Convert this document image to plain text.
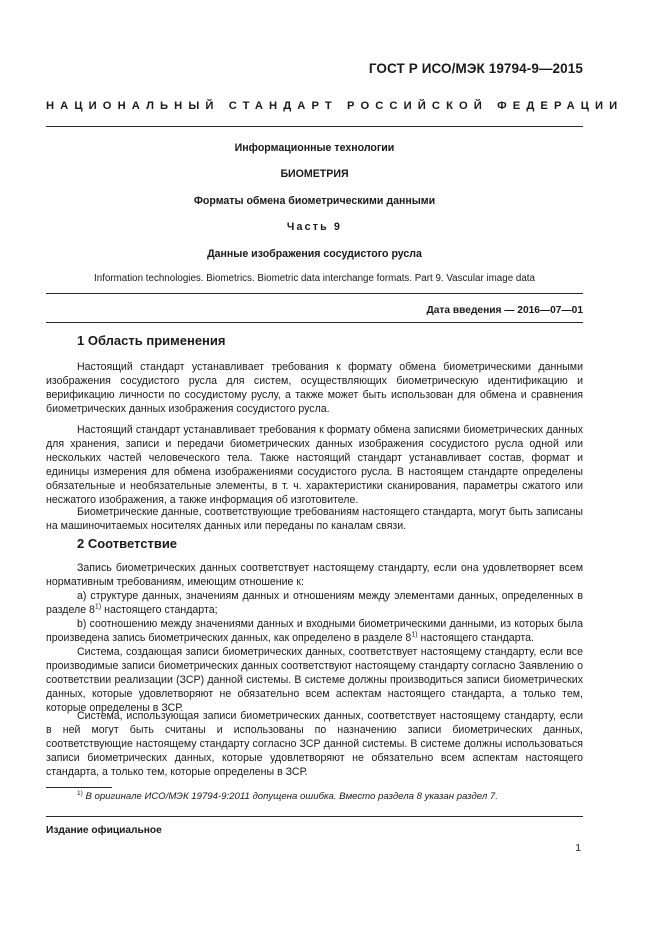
ГОСТ Р ИСО/МЭК 19794-9—2015
НАЦИОНАЛЬНЫЙ СТАНДАРТ РОССИЙСКОЙ ФЕДЕРАЦИИ
Информационные технологии
БИОМЕТРИЯ
Форматы обмена биометрическими данными
Часть 9
Данные изображения сосудистого русла
Information technologies. Biometrics. Biometric data interchange formats. Part 9. Vascular image data
Дата введения — 2016—07—01
1 Область применения

Настоящий стандарт устанавливает требования к формату обмена биометрическими данными изображения сосудистого русла для систем, осуществляющих биометрическую идентификацию и верификацию личности по сосудистому руслу, а также может быть использован для обмена и сравнения биометрических данных изображения сосудистого русла.

Настоящий стандарт устанавливает требования к формату обмена записями биометрических данных для хранения, записи и передачи биометрических данных изображения сосудистого русла одной или нескольких частей человеческого тела. Также настоящий стандарт устанавливает состав, формат и единицы измерения для обмена изображениями сосудистого русла. В настоящем стандарте определены обязательные и необязательные элементы, в т. ч. характеристики сканирования, параметры сжатого или несжатого изображения, а также информация об изготовителе.

Биометрические данные, соответствующие требованиям настоящего стандарта, могут быть записаны на машиночитаемых носителях данных или переданы по каналам связи.

2 Соответствие

Запись биометрических данных соответствует настоящему стандарту, если она удовлетворяет всем нормативным требованиям, имеющим отношение к:

а) структуре данных, значениям данных и отношениям между элементами данных, определенных в разделе 8$^{1)}$ настоящего стандарта;

b) соотношению между значениями данных и входными биометрическими данными, из которых была произведена запись биометрических данных, как определено в разделе 8$^{1)}$ настоящего стандарта.

Система, создающая записи биометрических данных, соответствует настоящему стандарту, если все производимые записи биометрических данных соответствуют настоящему стандарту согласно Заявлению о соответствии реализации (ЗСР) данной системы. В системе должны производиться записи биометрических данных, которые удовлетворяют не обязательно всем аспектам настоящего стандарта, а только тем, которые определены в ЗСР.

Система, использующая записи биометрических данных, соответствует настоящему стандарту, если в ней могут быть считаны и использованы по назначению записи биометрических данных, соответствующие настоящему стандарту согласно ЗСР данной системы. В системе должны использоваться записи биометрических данных, которые удовлетворяют не обязательно всем аспектам настоящего стандарта, а только тем, которые определены в ЗСР.

$^{1)}$ В оригинале ИСО/МЭК 19794-9:2011 допущена ошибка. Вместо раздела 8 указан раздел 7.
Издание официальное
1
